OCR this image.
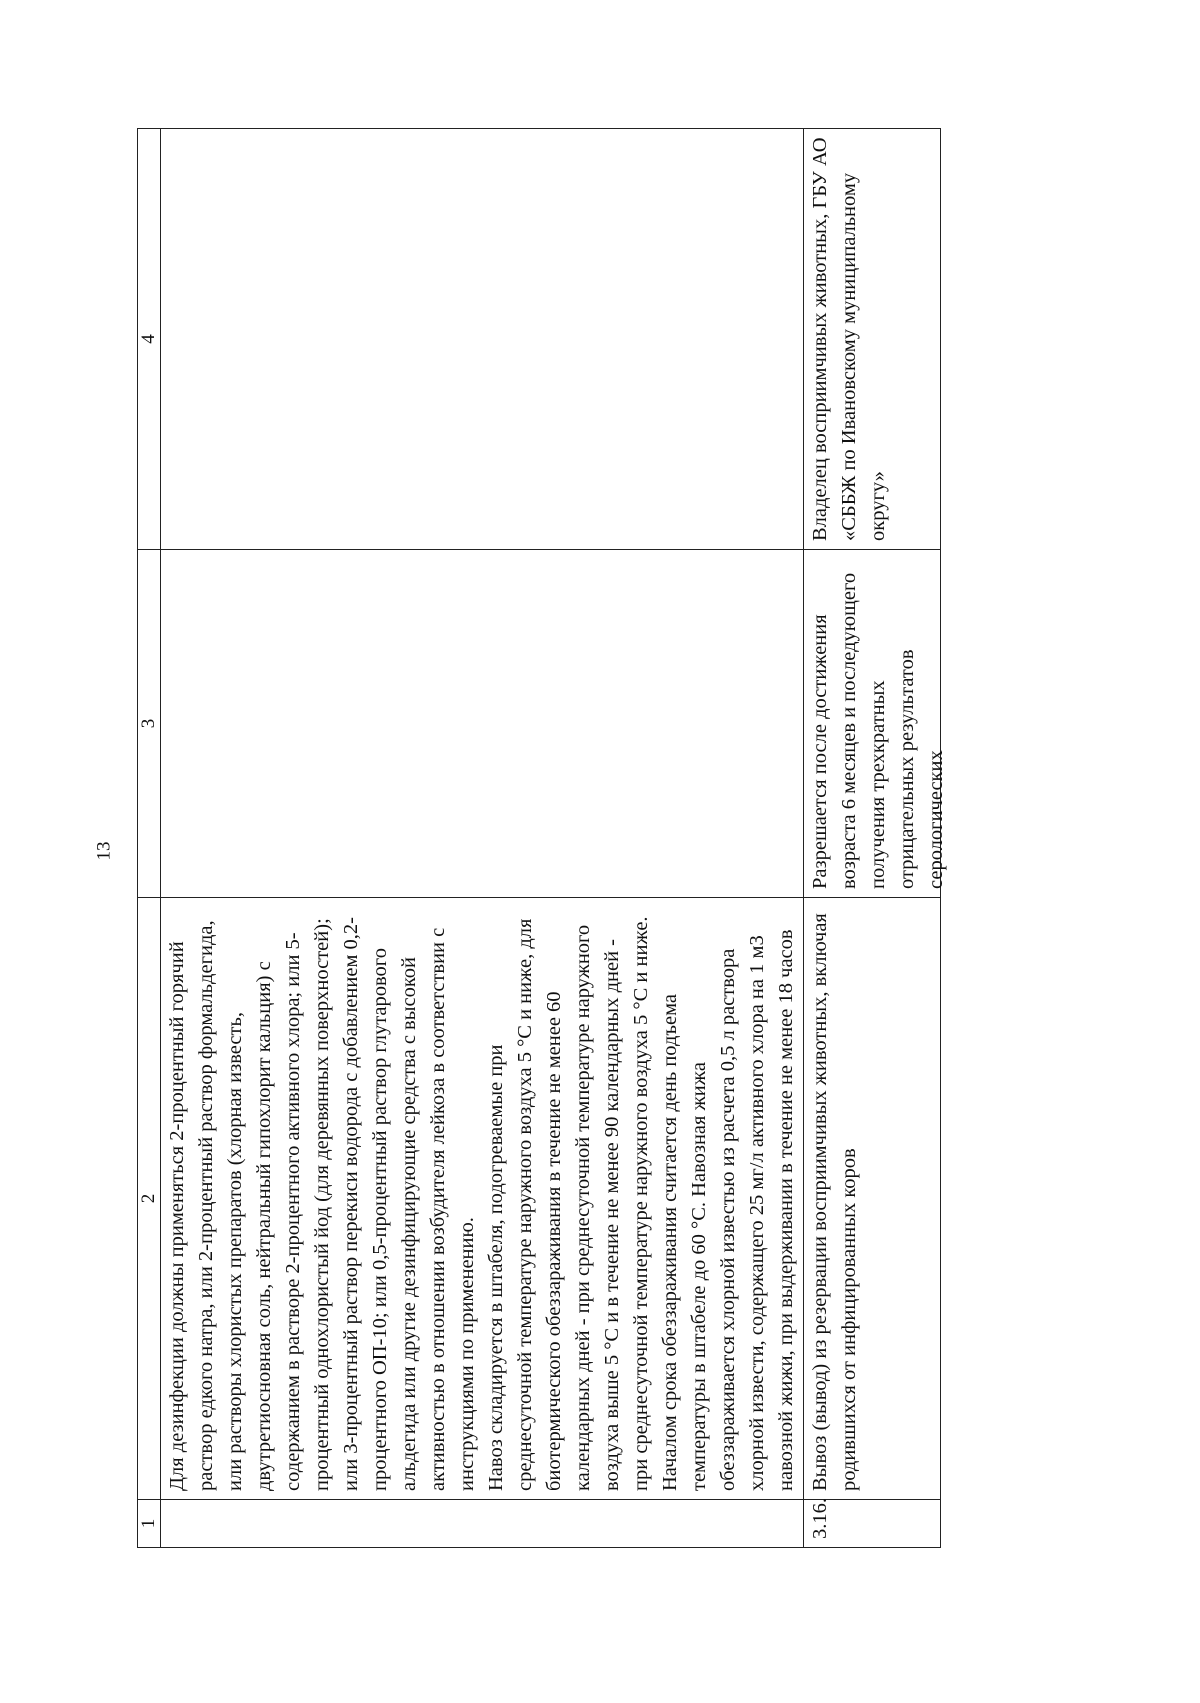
13
1	2	3	4

	Для дезинфекции должны применяться 2-процентный горячий раствор едкого натра, или 2-процентный раствор формальдегида, или растворы хлористых препаратов (хлорная известь, двутретиосновная соль, нейтральный гипохлорит кальция) с содержанием в растворе 2-процентного активного хлора; или 5-процентный однохлористый йод (для деревянных поверхностей); или 3-процентный раствор перекиси водорода с добавлением 0,2-процентного ОП-10; или 0,5-процентный раствор глутарового альдегида или другие дезинфицирующие средства с высокой активностью в отношении возбудителя лейкоза в соответствии с инструкциями по применению. Навоз складируется в штабеля, подогреваемые при среднесуточной температуре наружного воздуха 5 °С и ниже, для биотермического обеззараживания в течение не менее 60 календарных дней - при среднесуточной температуре наружного воздуха выше 5 °С и в течение не менее 90 календарных дней - при среднесуточной температуре наружного воздуха 5 °С и ниже. Началом срока обеззараживания считается день подъема температуры в штабеле до 60 °С. Навозная жижа обеззараживается хлорной известью из расчета 0,5 л раствора хлорной извести, содержащего 25 мг/л активного хлора на 1 м3 навозной жижи, при выдерживании в течение не менее 18 часов		

3.16.	Вывоз (вывод) из резервации восприимчивых животных, включая родившихся от инфицированных коров	Разрешается после достижения возраста 6 месяцев и последующего получения трехкратных отрицательных результатов серологических	Владелец восприимчивых животных, ГБУ АО «СББЖ по Ивановскому муниципальному округу»
